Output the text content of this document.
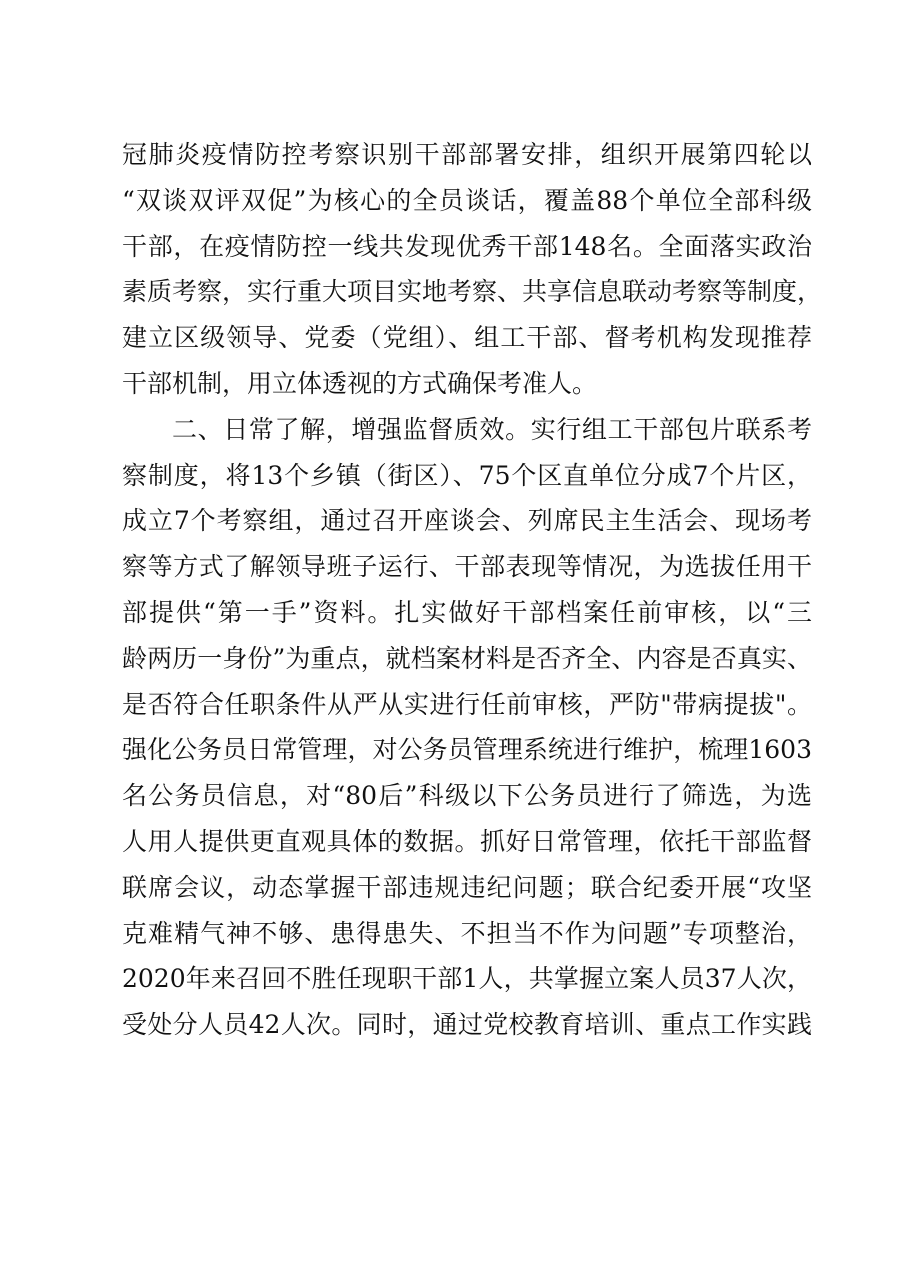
冠肺炎疫情防控考察识别干部部署安排，组织开展第四轮以
“双谈双评双促”为核心的全员谈话，覆盖88个单位全部科级
干部，在疫情防控一线共发现优秀干部148名。全面落实政治
素质考察，实行重大项目实地考察、共享信息联动考察等制度，
建立区级领导、党委（党组）、组工干部、督考机构发现推荐
干部机制，用立体透视的方式确保考准人。
二、日常了解，增强监督质效。实行组工干部包片联系考
察制度，将13个乡镇（街区）、75个区直单位分成7个片区，
成立7个考察组，通过召开座谈会、列席民主生活会、现场考
察等方式了解领导班子运行、干部表现等情况，为选拔任用干
部提供“第一手”资料。扎实做好干部档案任前审核，以“三
龄两历一身份”为重点，就档案材料是否齐全、内容是否真实、
是否符合任职条件从严从实进行任前审核，严防"带病提拔"。
强化公务员日常管理，对公务员管理系统进行维护，梳理1603
名公务员信息，对“80后”科级以下公务员进行了筛选，为选
人用人提供更直观具体的数据。抓好日常管理，依托干部监督
联席会议，动态掌握干部违规违纪问题；联合纪委开展“攻坚
克难精气神不够、患得患失、不担当不作为问题”专项整治，
2020年来召回不胜任现职干部1人，共掌握立案人员37人次，
受处分人员42人次。同时，通过党校教育培训、重点工作实践
